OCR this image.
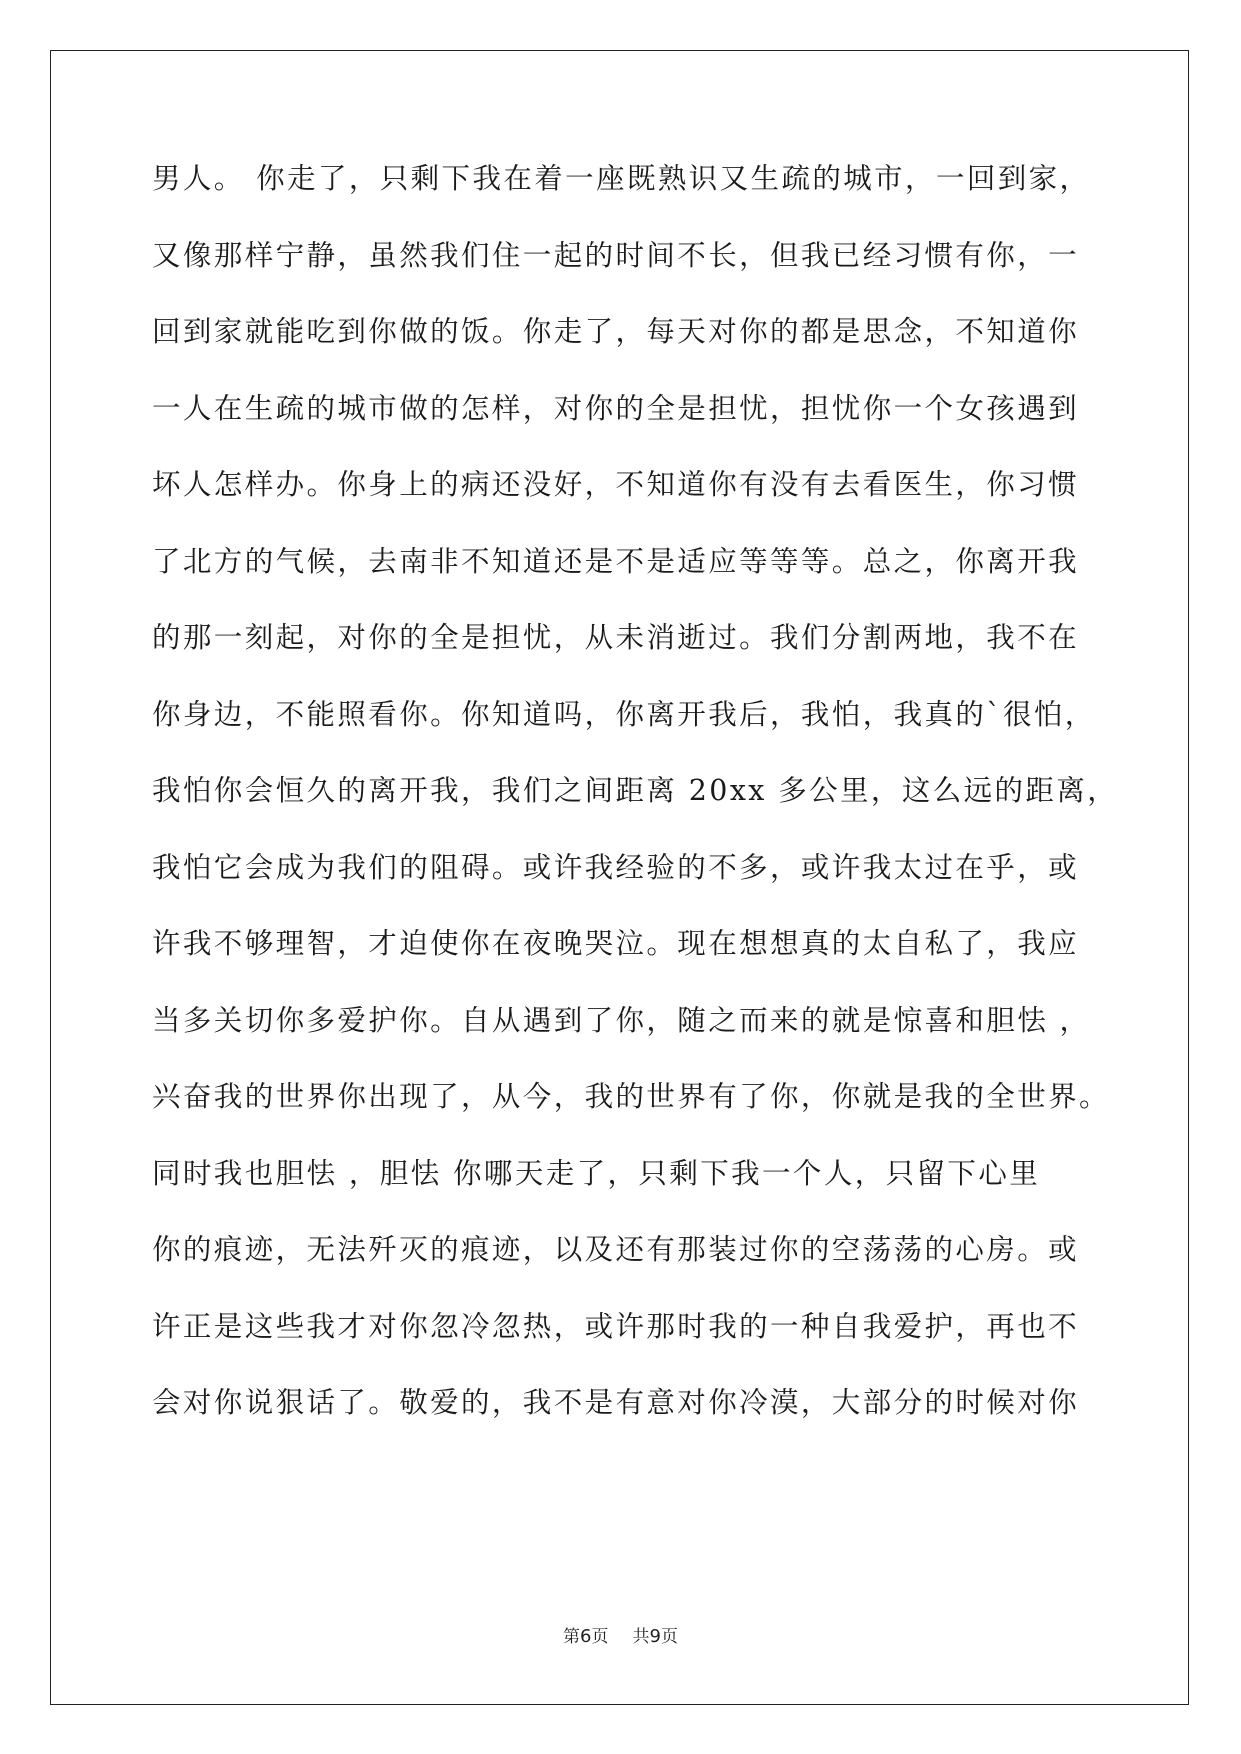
男人。 你走了，只剩下我在着一座既熟识又生疏的城市，一回到家，
又像那样宁静，虽然我们住一起的时间不长，但我已经习惯有你，一
回到家就能吃到你做的饭。你走了，每天对你的都是思念，不知道你
一人在生疏的城市做的怎样，对你的全是担忧，担忧你一个女孩遇到
坏人怎样办。你身上的病还没好，不知道你有没有去看医生，你习惯
了北方的气候，去南非不知道还是不是适应等等等。总之，你离开我
的那一刻起，对你的全是担忧，从未消逝过。我们分割两地，我不在
你身边，不能照看你。你知道吗，你离开我后，我怕，我真的`很怕，
我怕你会恒久的离开我，我们之间距离 20xx 多公里，这么远的距离，
我怕它会成为我们的阻碍。或许我经验的不多，或许我太过在乎，或
许我不够理智，才迫使你在夜晚哭泣。现在想想真的太自私了，我应
当多关切你多爱护你。自从遇到了你，随之而来的就是惊喜和胆怯 ，
兴奋我的世界你出现了，从今，我的世界有了你，你就是我的全世界。
同时我也胆怯 ，胆怯 你哪天走了，只剩下我一个人，只留下心里
你的痕迹，无法歼灭的痕迹，以及还有那装过你的空荡荡的心房。或
许正是这些我才对你忽冷忽热，或许那时我的一种自我爱护，再也不
会对你说狠话了。敬爱的，我不是有意对你冷漠，大部分的时候对你
第6页 共9页
